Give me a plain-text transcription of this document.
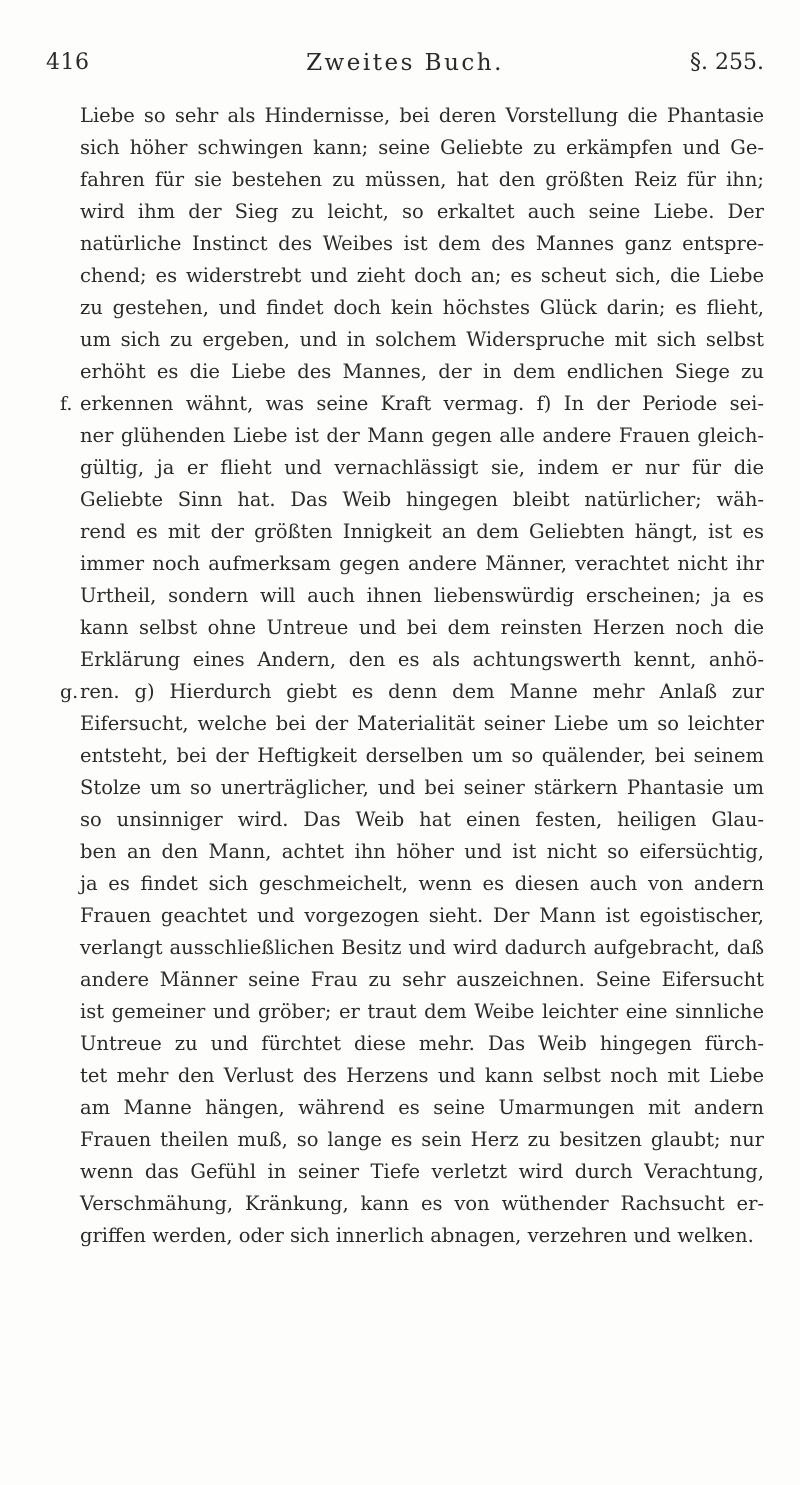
416	Zweites Buch.	§. 255.
Liebe so sehr als Hindernisse, bei deren Vorstellung die Phantasie
sich höher schwingen kann; seine Geliebte zu erkämpfen und Ge-
fahren für sie bestehen zu müssen, hat den größten Reiz für ihn;
wird ihm der Sieg zu leicht, so erkaltet auch seine Liebe. Der
natürliche Instinct des Weibes ist dem des Mannes ganz entspre-
chend; es widerstrebt und zieht doch an; es scheut sich, die Liebe
zu gestehen, und findet doch kein höchstes Glück darin; es flieht,
um sich zu ergeben, und in solchem Widerspruche mit sich selbst
erhöht es die Liebe des Mannes, der in dem endlichen Siege zu
f. erkennen wähnt, was seine Kraft vermag. f) In der Periode sei-
ner glühenden Liebe ist der Mann gegen alle andere Frauen gleich-
gültig, ja er flieht und vernachlässigt sie, indem er nur für die
Geliebte Sinn hat. Das Weib hingegen bleibt natürlicher; wäh-
rend es mit der größten Innigkeit an dem Geliebten hängt, ist es
immer noch aufmerksam gegen andere Männer, verachtet nicht ihr
Urtheil, sondern will auch ihnen liebenswürdig erscheinen; ja es
kann selbst ohne Untreue und bei dem reinsten Herzen noch die
Erklärung eines Andern, den es als achtungswerth kennt, anhö-
g. ren. g) Hierdurch giebt es denn dem Manne mehr Anlaß zur
Eifersucht, welche bei der Materialität seiner Liebe um so leichter
entsteht, bei der Heftigkeit derselben um so quälender, bei seinem
Stolze um so unerträglicher, und bei seiner stärkern Phantasie um
so unsinniger wird. Das Weib hat einen festen, heiligen Glau-
ben an den Mann, achtet ihn höher und ist nicht so eifersüchtig,
ja es findet sich geschmeichelt, wenn es diesen auch von andern
Frauen geachtet und vorgezogen sieht. Der Mann ist egoistischer,
verlangt ausschließlichen Besitz und wird dadurch aufgebracht, daß
andere Männer seine Frau zu sehr auszeichnen. Seine Eifersucht
ist gemeiner und gröber; er traut dem Weibe leichter eine sinnliche
Untreue zu und fürchtet diese mehr. Das Weib hingegen fürch-
tet mehr den Verlust des Herzens und kann selbst noch mit Liebe
am Manne hängen, während es seine Umarmungen mit andern
Frauen theilen muß, so lange es sein Herz zu besitzen glaubt; nur
wenn das Gefühl in seiner Tiefe verletzt wird durch Verachtung,
Verschmähung, Kränkung, kann es von wüthender Rachsucht er-
griffen werden, oder sich innerlich abnagen, verzehren und welken.
